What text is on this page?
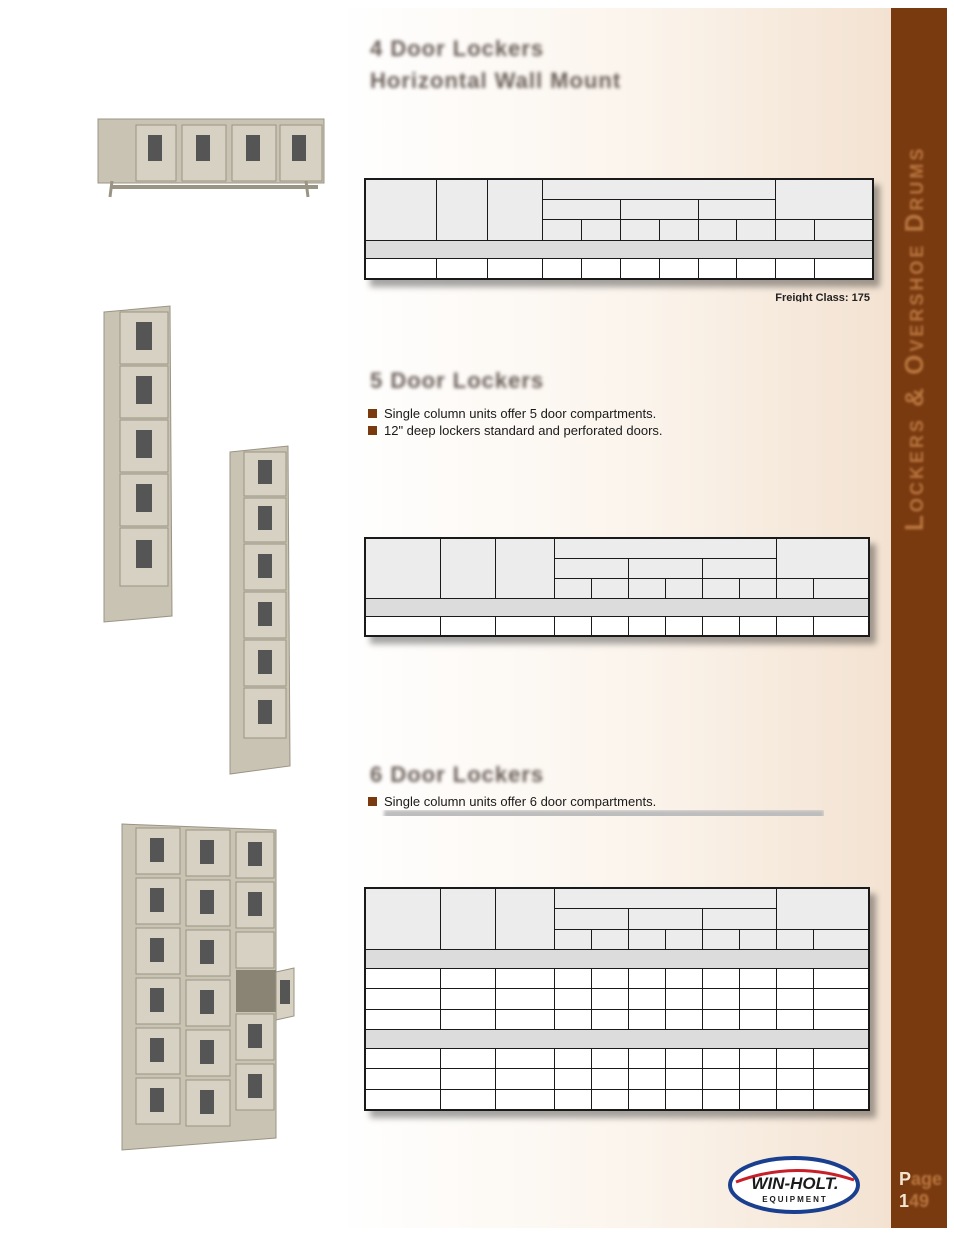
4 Door Lockers
Horizontal Wall Mount

Freight Class: 175
5 Door Lockers
Single column units offer 5 door compartments.
12" deep lockers standard and perforated doors.

6 Door Lockers
Single column units offer 6 door compartments.

WIN-HOLT.
EQUIPMENT
Lockers & Overshoe Drums
Page
149
